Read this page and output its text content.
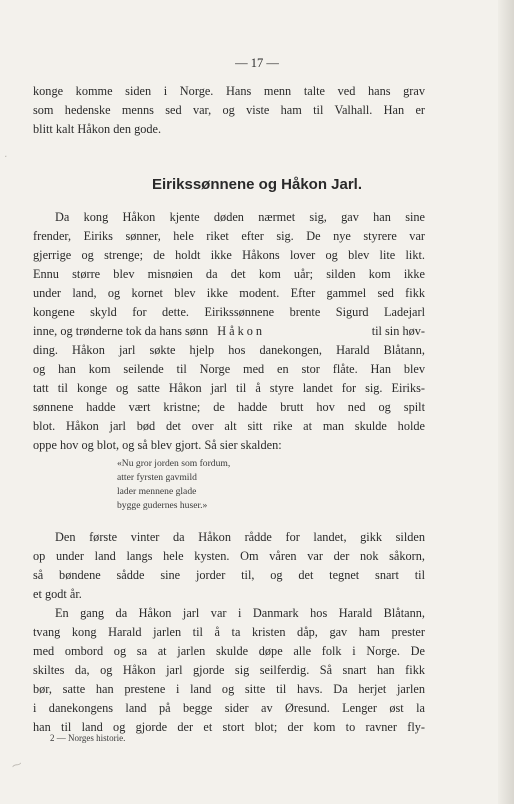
— 17 —
konge komme siden i Norge. Hans menn talte ved hans grav
som hedenske menns sed var, og viste ham til Valhall. Han er
blitt kalt Håkon den gode.
Eirikssønnene og Håkon Jarl.
Da kong Håkon kjente døden nærmet sig, gav han sine
frender, Eiriks sønner, hele riket efter sig. De nye styrere var
gjerrige og strenge; de holdt ikke Håkons lover og blev lite likt.
Ennu større blev misnøien da det kom uår; silden kom ikke
under land, og kornet blev ikke modent. Efter gammel sed fikk
kongene skyld for dette. Eirikssønnene brente Sigurd Ladejarl
inne, og trønderne tok da hans sønn Håkon	til sin høv-
ding. Håkon jarl søkte hjelp hos danekongen, Harald Blåtann,
og han kom seilende til Norge med en stor flåte. Han blev
tatt til konge og satte Håkon jarl til å styre landet for sig. Eiriks-
sønnene hadde vært kristne; de hadde brutt hov ned og spilt
blot. Håkon jarl bød det over alt sitt rike at man skulde holde
oppe hov og blot, og så blev gjort. Så sier skalden:
«Nu gror jorden som fordum,
atter fyrsten gavmild
lader mennene glade
bygge gudernes huser.»
Den første vinter da Håkon rådde for landet, gikk silden
op under land langs hele kysten. Om våren var der nok såkorn,
så bøndene sådde sine jorder til, og det tegnet snart til
et godt år.
En gang da Håkon jarl var i Danmark hos Harald Blåtann,
tvang kong Harald jarlen til å ta kristen dåp, gav ham prester
med ombord og sa at jarlen skulde døpe alle folk i Norge. De
skiltes da, og Håkon jarl gjorde sig seilferdig. Så snart han fikk
bør, satte han prestene i land og sitte til havs. Da herjet jarlen
i danekongens land på begge sider av Øresund. Lenger øst la
han til land og gjorde der et stort blot; der kom to ravner fly-
2 — Norges historie.
⁓
·
